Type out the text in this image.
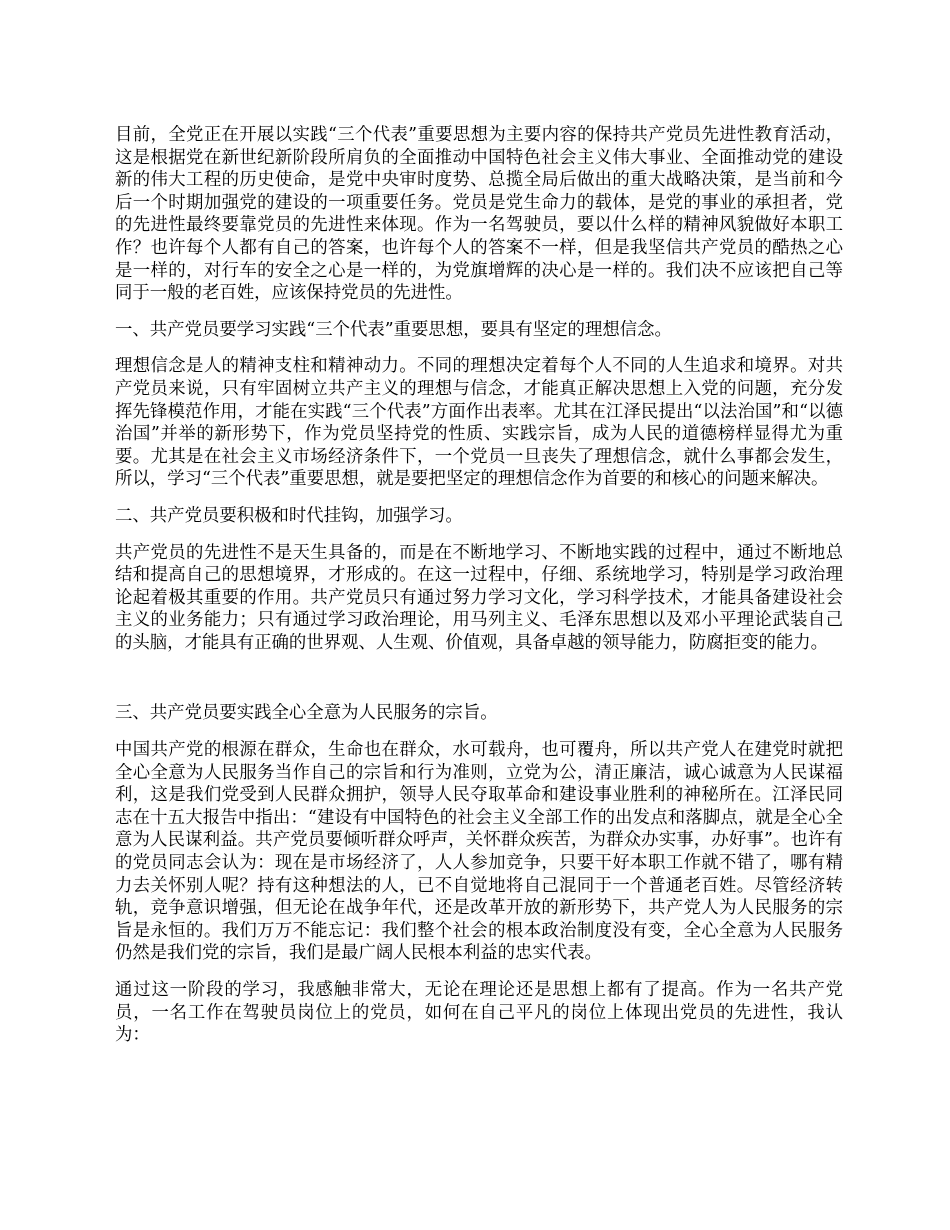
目前，全党正在开展以实践“三个代表”重要思想为主要内容的保持共产党员先进性教育活动，这是根据党在新世纪新阶段所肩负的全面推动中国特色社会主义伟大事业、全面推动党的建设新的伟大工程的历史使命，是党中央审时度势、总揽全局后做出的重大战略决策，是当前和今后一个时期加强党的建设的一项重要任务。党员是党生命力的载体，是党的事业的承担者，党的先进性最终要靠党员的先进性来体现。作为一名驾驶员，要以什么样的精神风貌做好本职工作？也许每个人都有自己的答案，也许每个人的答案不一样，但是我坚信共产党员的酷热之心是一样的，对行车的安全之心是一样的，为党旗增辉的决心是一样的。我们决不应该把自己等同于一般的老百姓，应该保持党员的先进性。

一、共产党员要学习实践“三个代表”重要思想，要具有坚定的理想信念。

理想信念是人的精神支柱和精神动力。不同的理想决定着每个人不同的人生追求和境界。对共产党员来说，只有牢固树立共产主义的理想与信念，才能真正解决思想上入党的问题，充分发挥先锋模范作用，才能在实践“三个代表”方面作出表率。尤其在江泽民提出“以法治国”和“以德治国”并举的新形势下，作为党员坚持党的性质、实践宗旨，成为人民的道德榜样显得尤为重要。尤其是在社会主义市场经济条件下，一个党员一旦丧失了理想信念，就什么事都会发生，所以，学习“三个代表”重要思想，就是要把坚定的理想信念作为首要的和核心的问题来解决。

二、共产党员要积极和时代挂钩，加强学习。

共产党员的先进性不是天生具备的，而是在不断地学习、不断地实践的过程中，通过不断地总结和提高自己的思想境界，才形成的。在这一过程中，仔细、系统地学习，特别是学习政治理论起着极其重要的作用。共产党员只有通过努力学习文化，学习科学技术，才能具备建设社会主义的业务能力；只有通过学习政治理论，用马列主义、毛泽东思想以及邓小平理论武装自己的头脑，才能具有正确的世界观、人生观、价值观，具备卓越的领导能力，防腐拒变的能力。

三、共产党员要实践全心全意为人民服务的宗旨。

中国共产党的根源在群众，生命也在群众，水可载舟，也可覆舟，所以共产党人在建党时就把全心全意为人民服务当作自己的宗旨和行为准则，立党为公，清正廉洁，诚心诚意为人民谋福利，这是我们党受到人民群众拥护，领导人民夺取革命和建设事业胜利的神秘所在。江泽民同志在十五大报告中指出：“建设有中国特色的社会主义全部工作的出发点和落脚点，就是全心全意为人民谋利益。共产党员要倾听群众呼声，关怀群众疾苦，为群众办实事，办好事”。也许有的党员同志会认为：现在是市场经济了，人人参加竞争，只要干好本职工作就不错了，哪有精力去关怀别人呢？持有这种想法的人，已不自觉地将自己混同于一个普通老百姓。尽管经济转轨，竞争意识增强，但无论在战争年代，还是改革开放的新形势下，共产党人为人民服务的宗旨是永恒的。我们万万不能忘记：我们整个社会的根本政治制度没有变，全心全意为人民服务仍然是我们党的宗旨，我们是最广阔人民根本利益的忠实代表。

通过这一阶段的学习，我感触非常大，无论在理论还是思想上都有了提高。作为一名共产党员，一名工作在驾驶员岗位上的党员，如何在自己平凡的岗位上体现出党员的先进性，我认为：
